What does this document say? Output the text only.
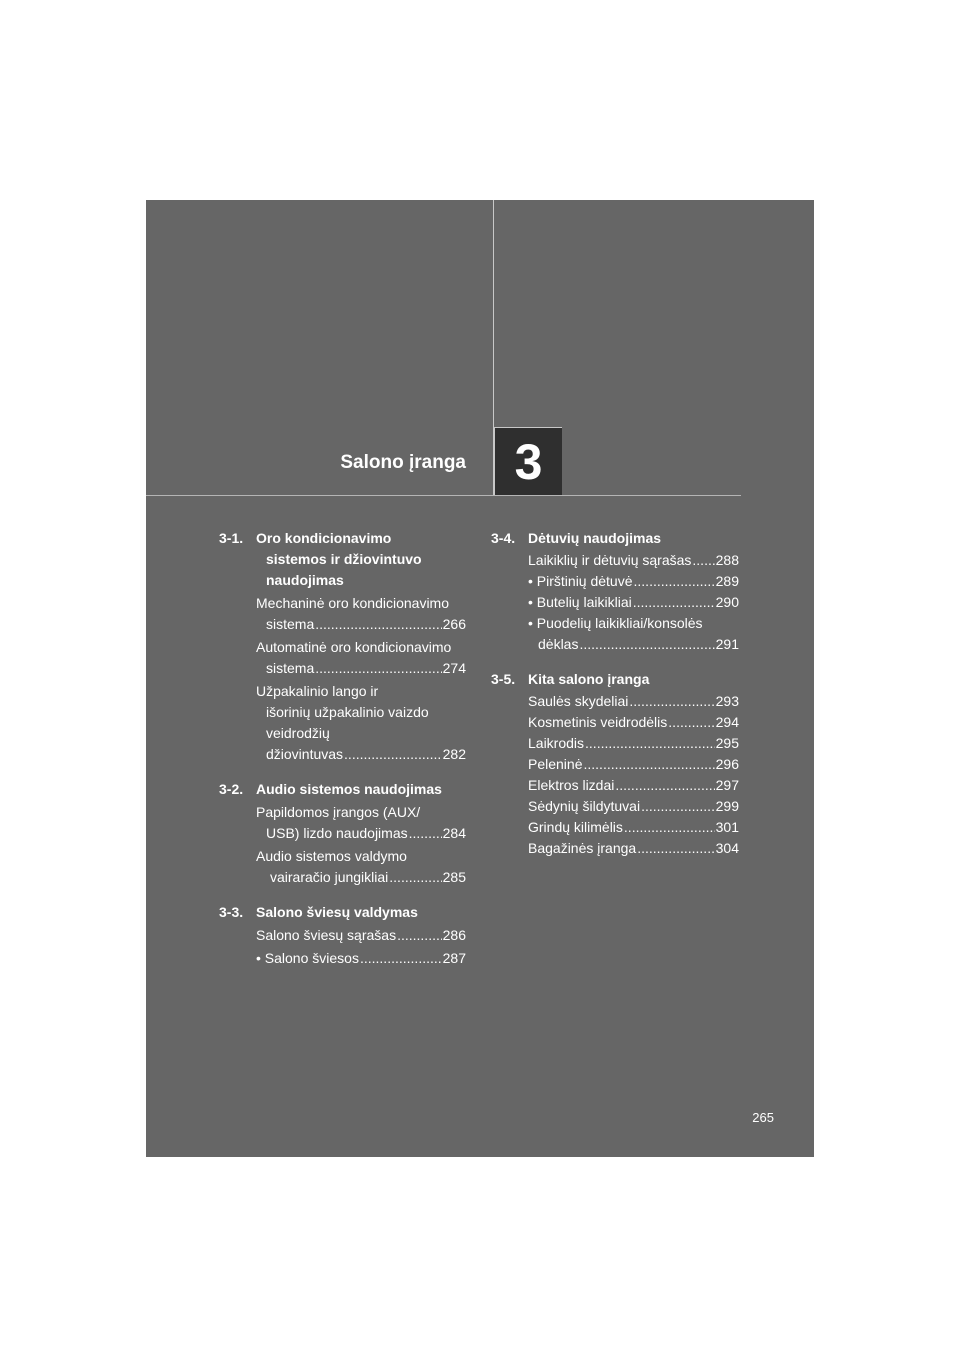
Salono įranga 3
3-1. Oro kondicionavimo
sistemos ir džiovintuvo
naudojimas
Mechaninė oro kondicionavimo
sistema .....	266
Automatinė oro kondicionavimo
sistema .....	274
Užpakalinio lango ir
išorinių užpakalinio vaizdo
veidrodžių
džiovintuvas .....	282
3-2. Audio sistemos naudojimas
Papildomos įrangos (AUX/
USB) lizdo naudojimas .....	284
Audio sistemos valdymo
vairaračio jungikliai .....	285
3-3. Salono šviesų valdymas
Salono šviesų sąrašas .....	286
• Salono šviesos .....	287
3-4. Dėtuvių naudojimas
Laikiklių ir dėtuvių sąrašas ..... 288
• Pirštinių dėtuvė .....	289
• Butelių laikikliai .....	290
• Puodelių laikikliai/konsolės
dėklas .....	291
3-5. Kita salono įranga
Saulės skydeliai .....	293
Kosmetinis veidrodėlis .....	294
Laikrodis .....	295
Peleninė .....	296
Elektros lizdai .....	297
Sėdynių šildytuvai .....	299
Grindų kilimėlis .....	301
Bagažinės įranga .....	304
265
